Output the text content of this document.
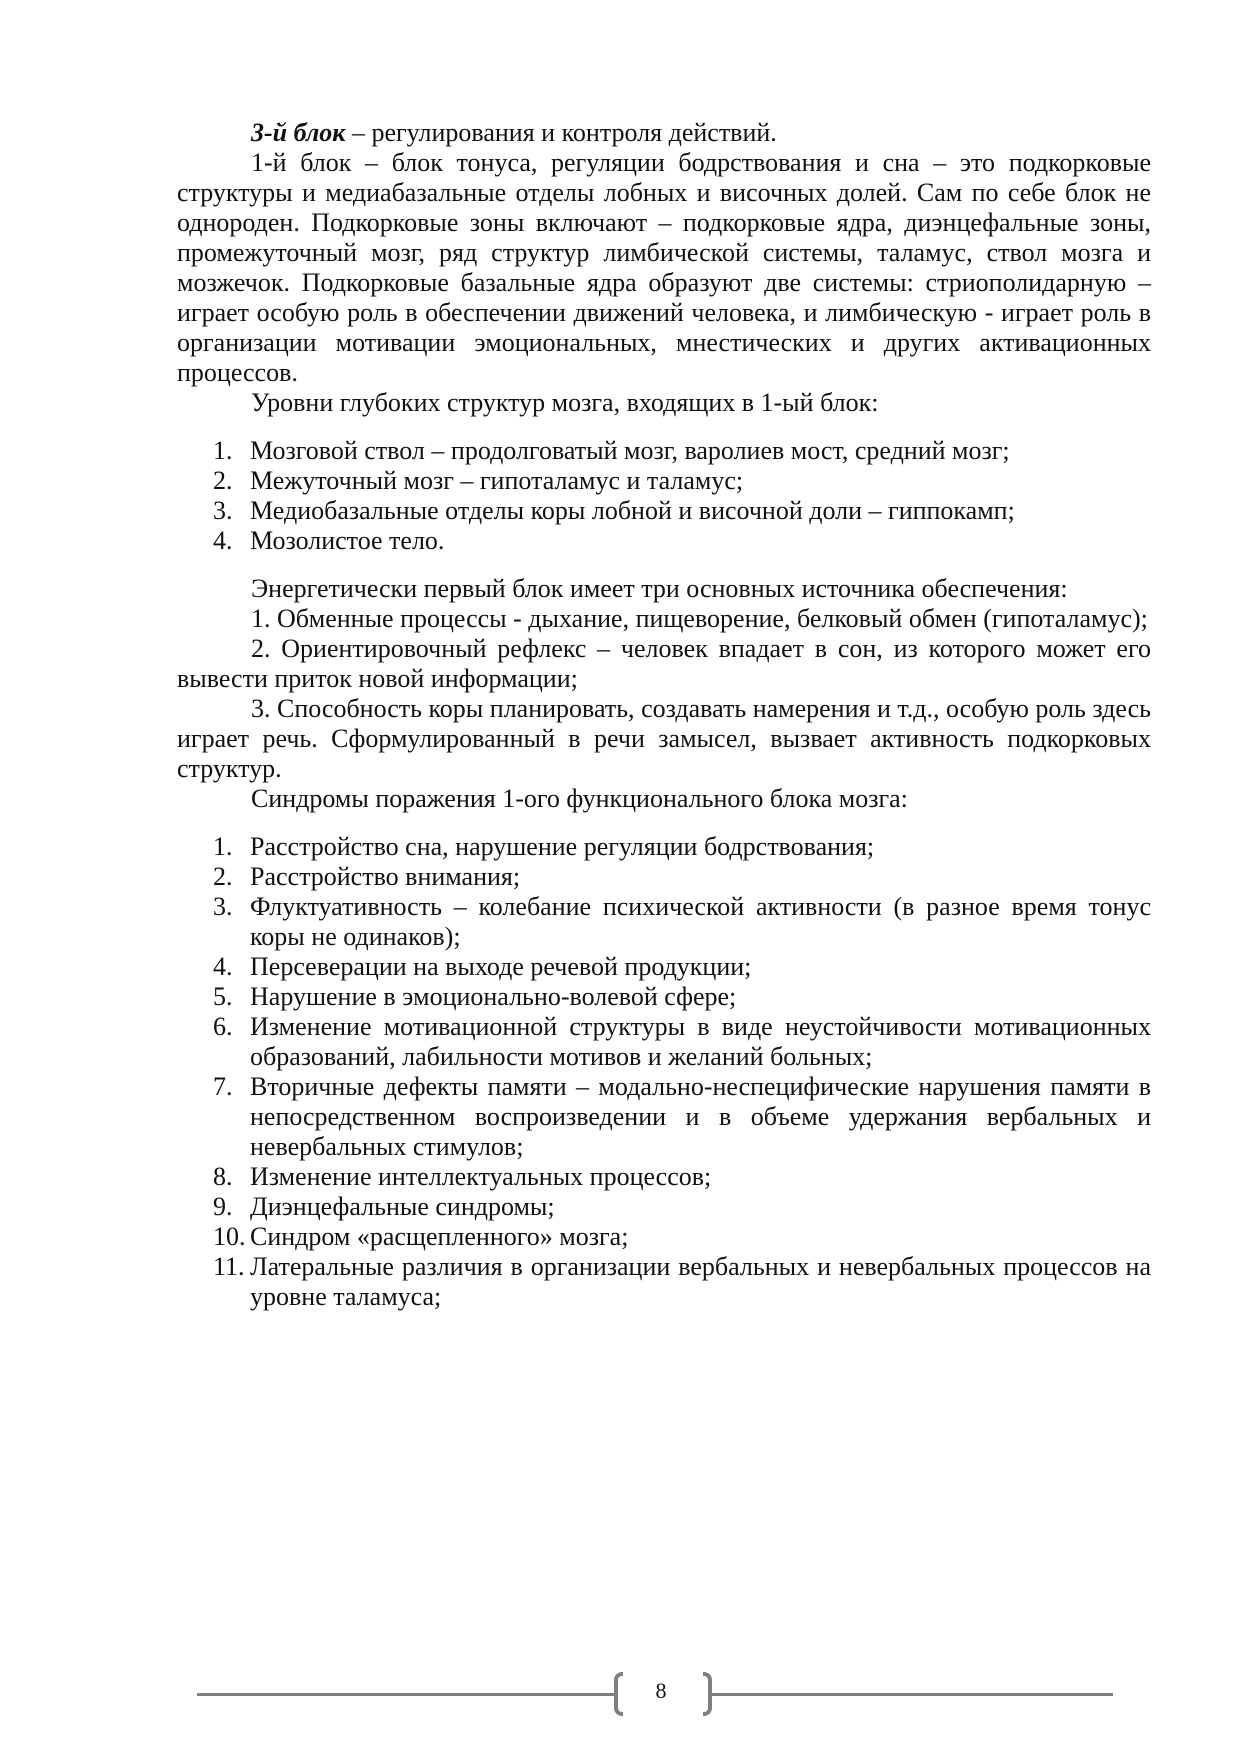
3-й блок – регулирования и контроля действий.

1-й блок – блок тонуса, регуляции бодрствования и сна – это подкорковые структуры и медиабазальные отделы лобных и височных долей. Сам по себе блок не однороден. Подкорковые зоны включают – подкорковые ядра, диэнцефальные зоны, промежуточный мозг, ряд структур лимбической системы, таламус, ствол мозга и мозжечок. Подкорковые базальные ядра образуют две системы: стриополидарную – играет особую роль в обеспечении движений человека, и лимбическую - играет роль в организации мотивации эмоциональных, мнестических и других активационных процессов.

Уровни глубоких структур мозга, входящих в 1-ый блок:

1. Мозговой ствол – продолговатый мозг, варолиев мост, средний мозг;
2. Межуточный мозг – гипоталамус и таламус;
3. Медиобазальные отделы коры лобной и височной доли – гиппокамп;
4. Мозолистое тело.

Энергетически первый блок имеет три основных источника обеспечения:

1. Обменные процессы - дыхание, пищеворение, белковый обмен (гипоталамус);

2. Ориентировочный рефлекс – человек впадает в сон, из которого может его вывести приток новой информации;

3. Способность коры планировать, создавать намерения и т.д., особую роль здесь играет речь. Сформулированный в речи замысел, вызвает активность подкорковых структур.

Синдромы поражения 1-ого функционального блока мозга:

1. Расстройство сна, нарушение регуляции бодрствования;
2. Расстройство внимания;
3. Флуктуативность – колебание психической активности (в разное время тонус коры не одинаков);
4. Персеверации на выходе речевой продукции;
5. Нарушение в эмоционально-волевой сфере;
6. Изменение мотивационной структуры в виде неустойчивости мотивационных образований, лабильности мотивов и желаний больных;
7. Вторичные дефекты памяти – модально-неспецифические нарушения памяти в непосредственном воспроизведении и в объеме удержания вербальных и невербальных стимулов;
8. Изменение интеллектуальных процессов;
9. Диэнцефальные синдромы;
10. Синдром «расщепленного» мозга;
11. Латеральные различия в организации вербальных и невербальных процессов на уровне таламуса;
8
